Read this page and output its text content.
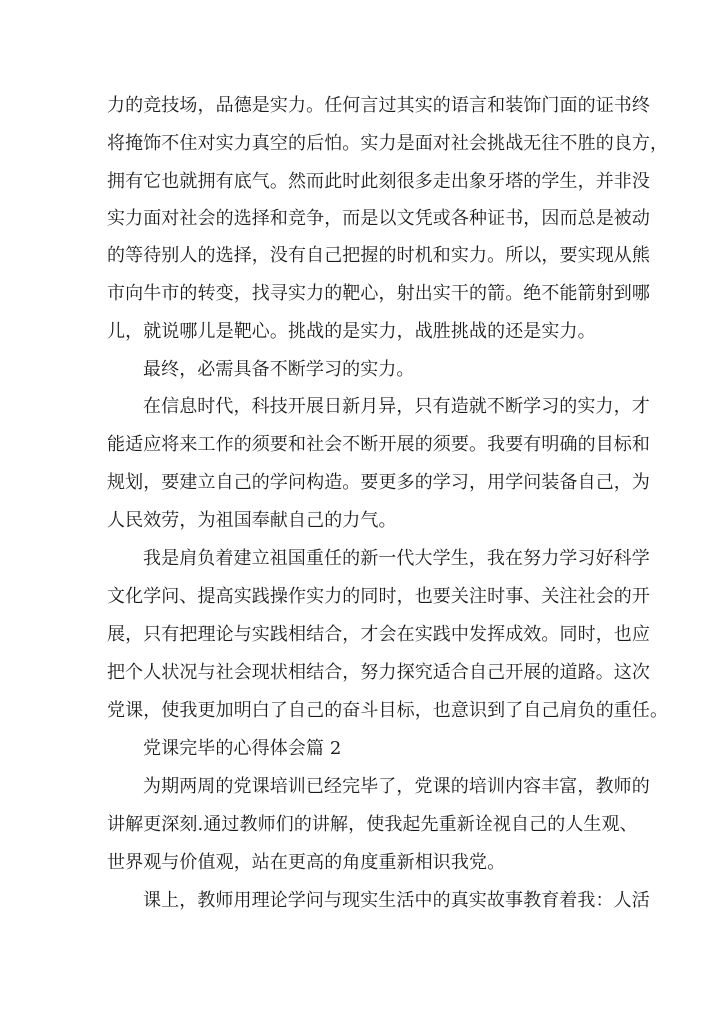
力的竞技场，品德是实力。任何言过其实的语言和装饰门面的证书终
将掩饰不住对实力真空的后怕。实力是面对社会挑战无往不胜的良方，
拥有它也就拥有底气。然而此时此刻很多走出象牙塔的学生，并非没
实力面对社会的选择和竞争，而是以文凭或各种证书，因而总是被动
的等待别人的选择，没有自己把握的时机和实力。所以，要实现从熊
市向牛市的转变，找寻实力的靶心，射出实干的箭。绝不能箭射到哪
儿，就说哪儿是靶心。挑战的是实力，战胜挑战的还是实力。
最终，必需具备不断学习的实力。
在信息时代，科技开展日新月异，只有造就不断学习的实力，才
能适应将来工作的须要和社会不断开展的须要。我要有明确的目标和
规划，要建立自己的学问构造。要更多的学习，用学问装备自己，为
人民效劳，为祖国奉献自己的力气。
我是肩负着建立祖国重任的新一代大学生，我在努力学习好科学
文化学问、提高实践操作实力的同时，也要关注时事、关注社会的开
展，只有把理论与实践相结合，才会在实践中发挥成效。同时，也应
把个人状况与社会现状相结合，努力探究适合自己开展的道路。这次
党课，使我更加明白了自己的奋斗目标，也意识到了自己肩负的重任。
党课完毕的心得体会篇 2
为期两周的党课培训已经完毕了，党课的培训内容丰富，教师的
讲解更深刻.通过教师们的讲解，使我起先重新诠视自己的人生观、
世界观与价值观，站在更高的角度重新相识我党。
课上，教师用理论学问与现实生活中的真实故事教育着我：人活
